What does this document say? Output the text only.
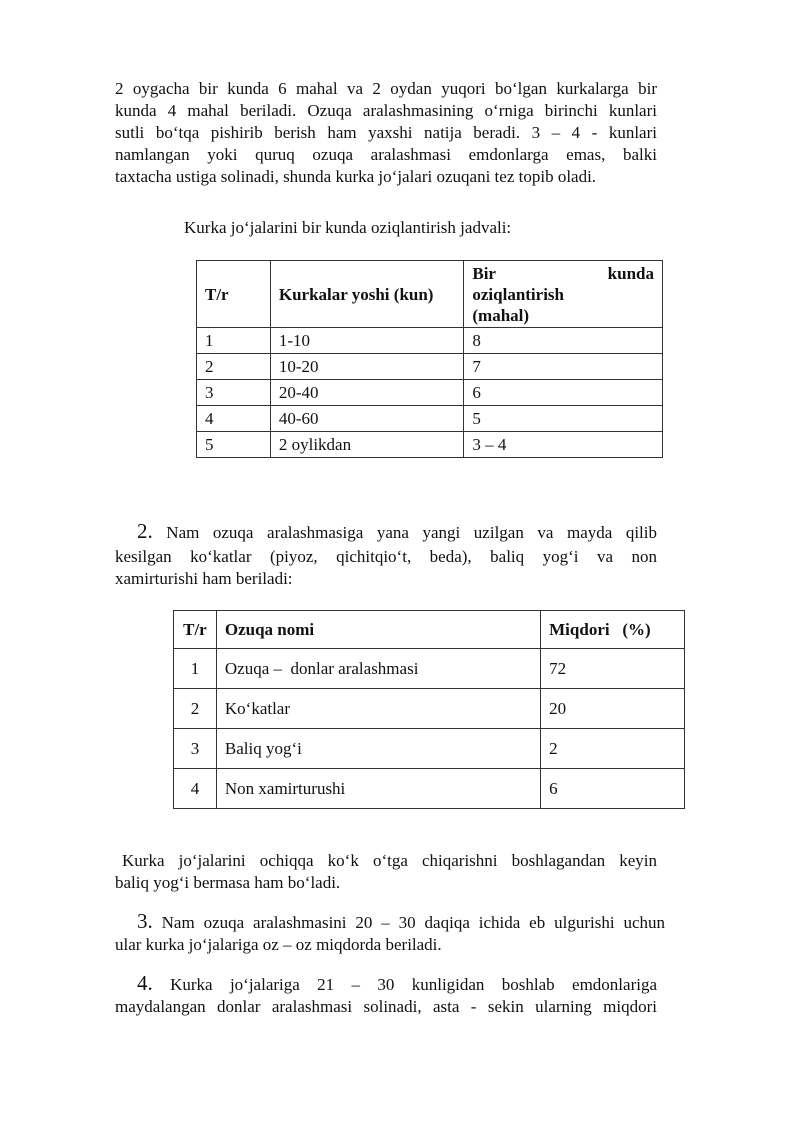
2 oygacha bir kunda 6 mahal va 2 oydan yuqori boʻlgan kurkalarga bir

kunda 4 mahal beriladi. Ozuqa aralashmasining oʻrniga birinchi kunlari

sutli boʻtqa pishirib berish ham yaxshi natija beradi. 3 – 4 - kunlari

namlangan yoki quruq ozuqa aralashmasi emdonlarga emas, balki

taxtacha ustiga solinadi, shunda kurka joʻjalari ozuqani tez topib oladi.

Kurka joʻjalarini bir kunda oziqlantirish jadvali:

T/r	Kurkalar yoshi (kun)	Bir kunda
oziqlantirish
(mahal)

1	1-10	8
2	10-20	7
3	20-40	6
4	40-60	5
5	2 oylikdan	3 – 4

2. Nam ozuqa aralashmasiga yana yangi uzilgan va mayda qilib

kesilgan koʻkatlar (piyoz, qichitqioʻt, beda), baliq yogʻi va non

xamirturishi ham beriladi:

T/r	Ozuqa nomi	Miqdori   (%)
1	Ozuqa –  donlar aralashmasi	72
2	Koʻkatlar	20
3	Baliq yogʻi	2
4	Non xamirturushi	6

Kurka joʻjalarini ochiqqa koʻk oʻtga chiqarishni boshlagandan keyin

baliq yogʻi bermasa ham boʻladi.

3. Nam ozuqa aralashmasini 20 – 30 daqiqa ichida eb ulgurishi uchun

ular kurka joʻjalariga oz – oz miqdorda beriladi.

4. Kurka joʻjalariga 21 – 30 kunligidan boshlab emdonlariga

maydalangan donlar aralashmasi solinadi, asta - sekin ularning miqdori
